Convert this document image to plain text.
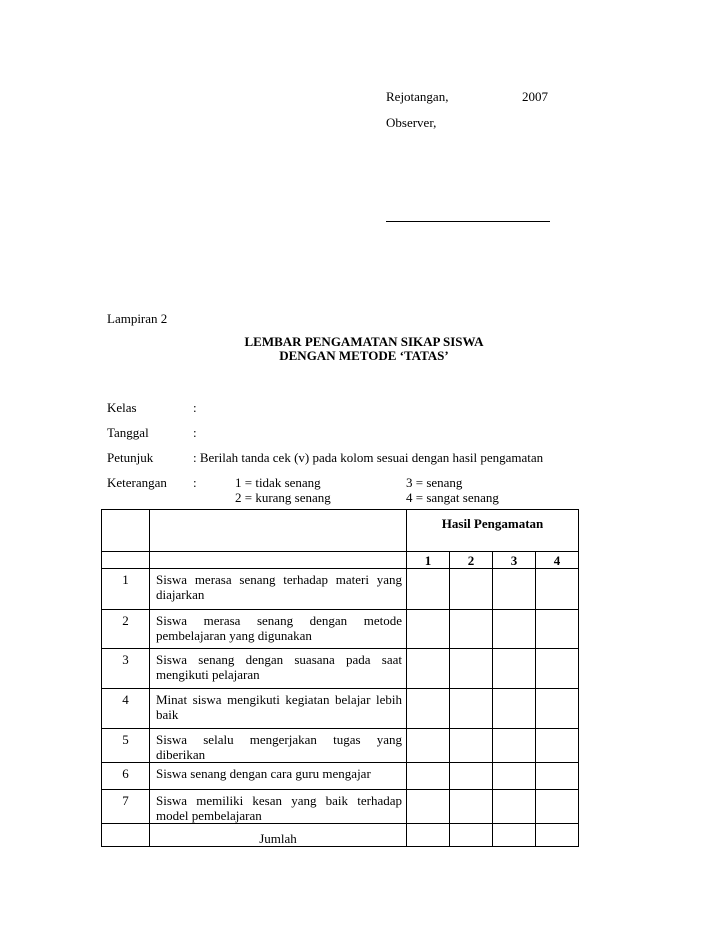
Rejotangan,	2007
Observer,
Lampiran 2
LEMBAR PENGAMATAN SIKAP SISWA
DENGAN METODE ‘TATAS’
Kelas	:
Tanggal	:
Petunjuk	: Berilah tanda cek (v) pada kolom sesuai dengan hasil pengamatan
Keterangan :	1 = tidak senang	3 = senang
2 = kurang senang	4 = sangat senang
		Hasil Pengamatan			
		1	2	3	4
1	Siswa merasa senang terhadap materi yang diajarkan				
2	Siswa merasa senang dengan metode pembelajaran yang digunakan				
3	Siswa senang dengan suasana pada saat mengikuti pelajaran				
4	Minat siswa mengikuti kegiatan belajar lebih baik				
5	Siswa selalu mengerjakan tugas yang diberikan				
6	Siswa senang dengan cara guru mengajar				
7	Siswa memiliki kesan yang baik terhadap model pembelajaran				
	Jumlah				
